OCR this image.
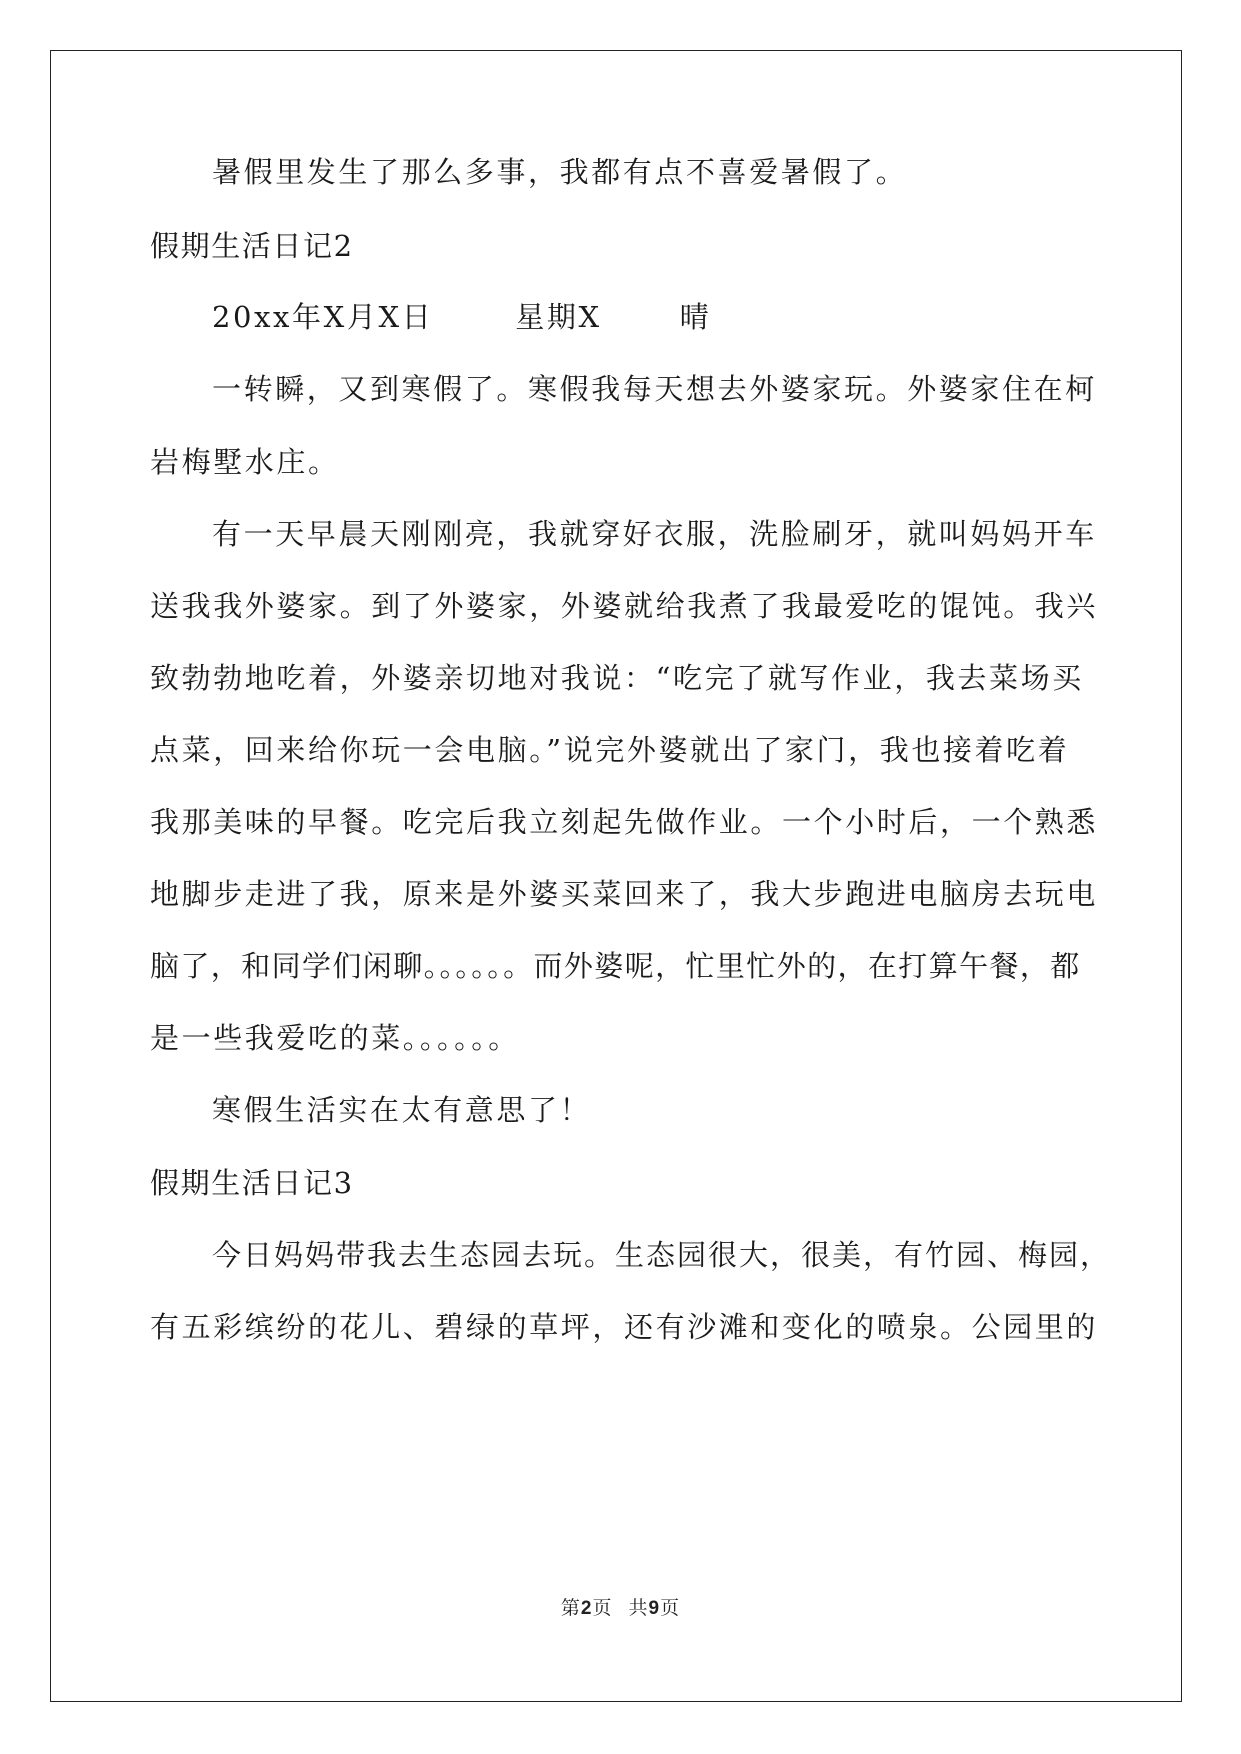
暑假里发生了那么多事，我都有点不喜爱暑假了。
假期生活日记2
20xx年X月X日	星期X	晴
一转瞬，又到寒假了。寒假我每天想去外婆家玩。外婆家住在柯
岩梅墅水庄。
有一天早晨天刚刚亮，我就穿好衣服，洗脸刷牙，就叫妈妈开车
送我我外婆家。到了外婆家，外婆就给我煮了我最爱吃的馄饨。我兴
致勃勃地吃着，外婆亲切地对我说：“吃完了就写作业，我去菜场买
点菜，回来给你玩一会电脑。”说完外婆就出了家门，我也接着吃着
我那美味的早餐。吃完后我立刻起先做作业。一个小时后，一个熟悉
地脚步走进了我，原来是外婆买菜回来了，我大步跑进电脑房去玩电
脑了，和同学们闲聊。。。。。。而外婆呢，忙里忙外的，在打算午餐，都
是一些我爱吃的菜。。。。。。
寒假生活实在太有意思了！
假期生活日记3
今日妈妈带我去生态园去玩。生态园很大，很美，有竹园、梅园，
有五彩缤纷的花儿、碧绿的草坪，还有沙滩和变化的喷泉。公园里的
第2页 共9页
